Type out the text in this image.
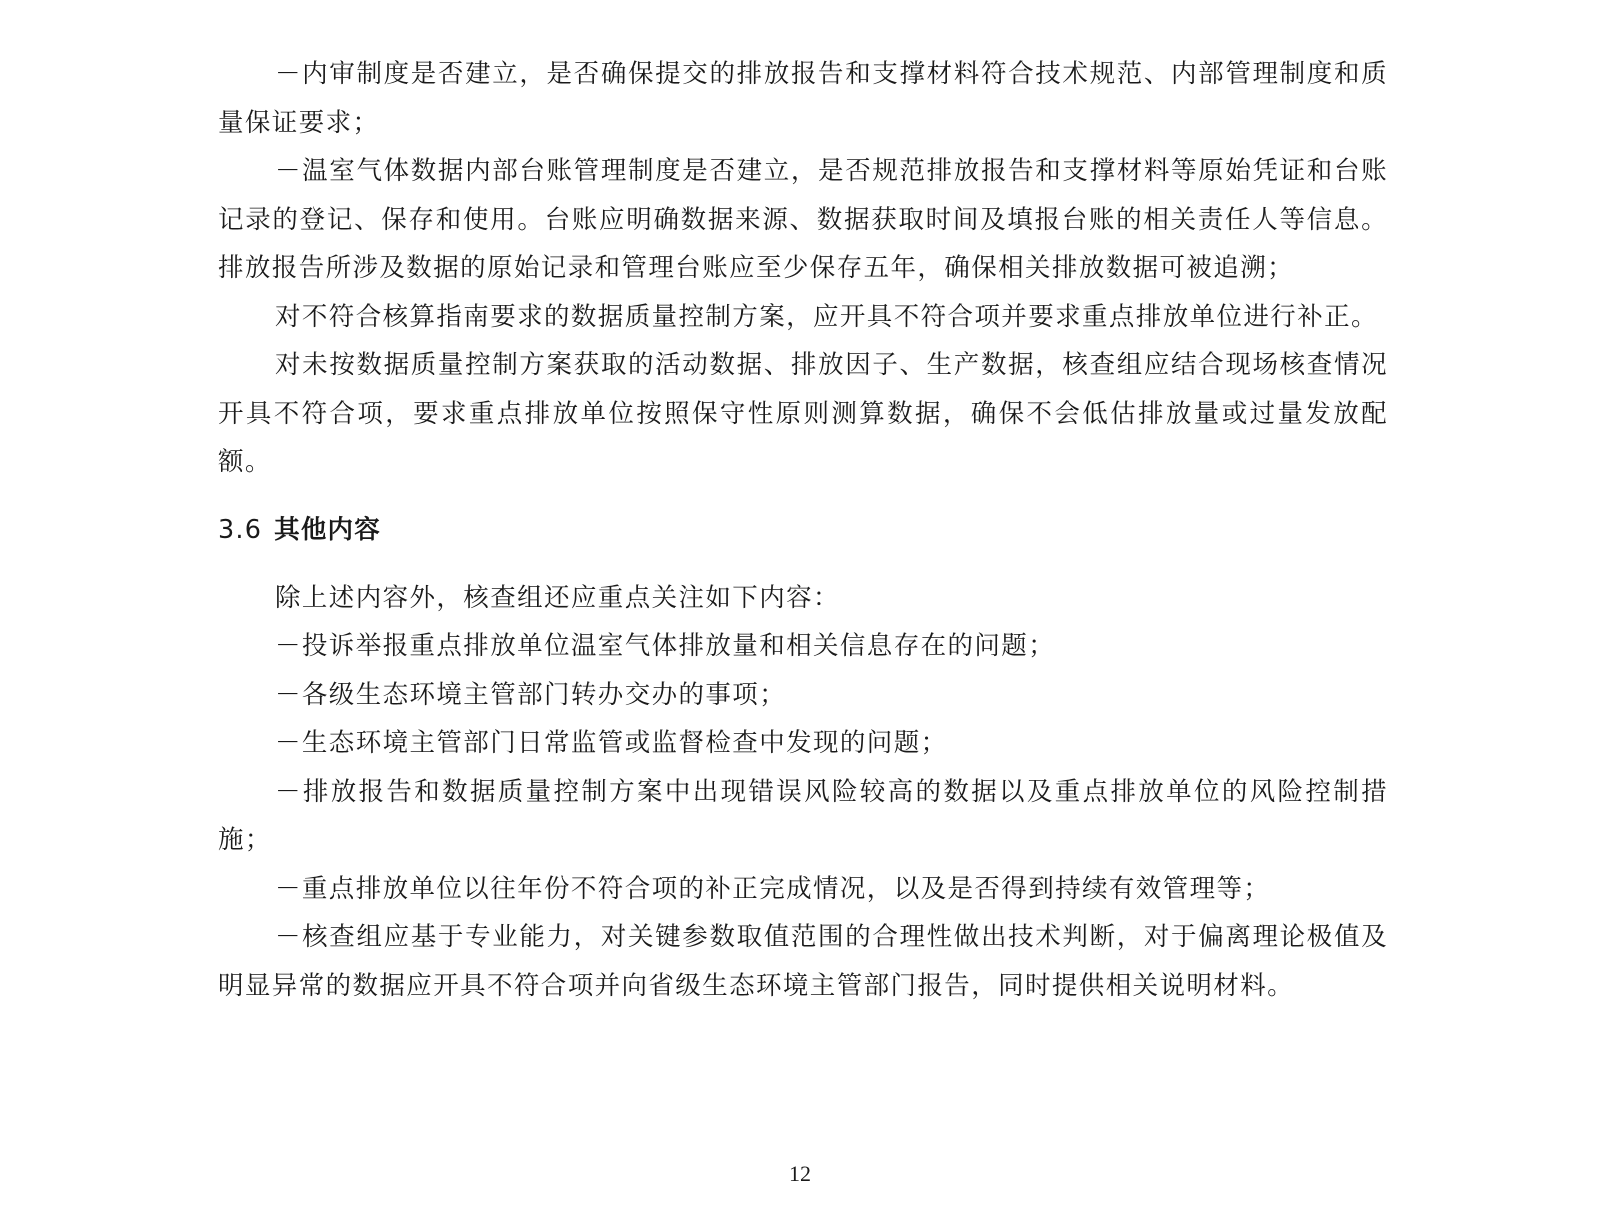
－内审制度是否建立，是否确保提交的排放报告和支撑材料符合技术规范、内部管理制度和质量保证要求；

－温室气体数据内部台账管理制度是否建立，是否规范排放报告和支撑材料等原始凭证和台账记录的登记、保存和使用。台账应明确数据来源、数据获取时间及填报台账的相关责任人等信息。排放报告所涉及数据的原始记录和管理台账应至少保存五年，确保相关排放数据可被追溯；

对不符合核算指南要求的数据质量控制方案，应开具不符合项并要求重点排放单位进行补正。

对未按数据质量控制方案获取的活动数据、排放因子、生产数据，核查组应结合现场核查情况开具不符合项，要求重点排放单位按照保守性原则测算数据，确保不会低估排放量或过量发放配额。

3.6 其他内容

除上述内容外，核查组还应重点关注如下内容：

－投诉举报重点排放单位温室气体排放量和相关信息存在的问题；

－各级生态环境主管部门转办交办的事项；

－生态环境主管部门日常监管或监督检查中发现的问题；

－排放报告和数据质量控制方案中出现错误风险较高的数据以及重点排放单位的风险控制措施；

－重点排放单位以往年份不符合项的补正完成情况，以及是否得到持续有效管理等；

－核查组应基于专业能力，对关键参数取值范围的合理性做出技术判断，对于偏离理论极值及明显异常的数据应开具不符合项并向省级生态环境主管部门报告，同时提供相关说明材料。

12
